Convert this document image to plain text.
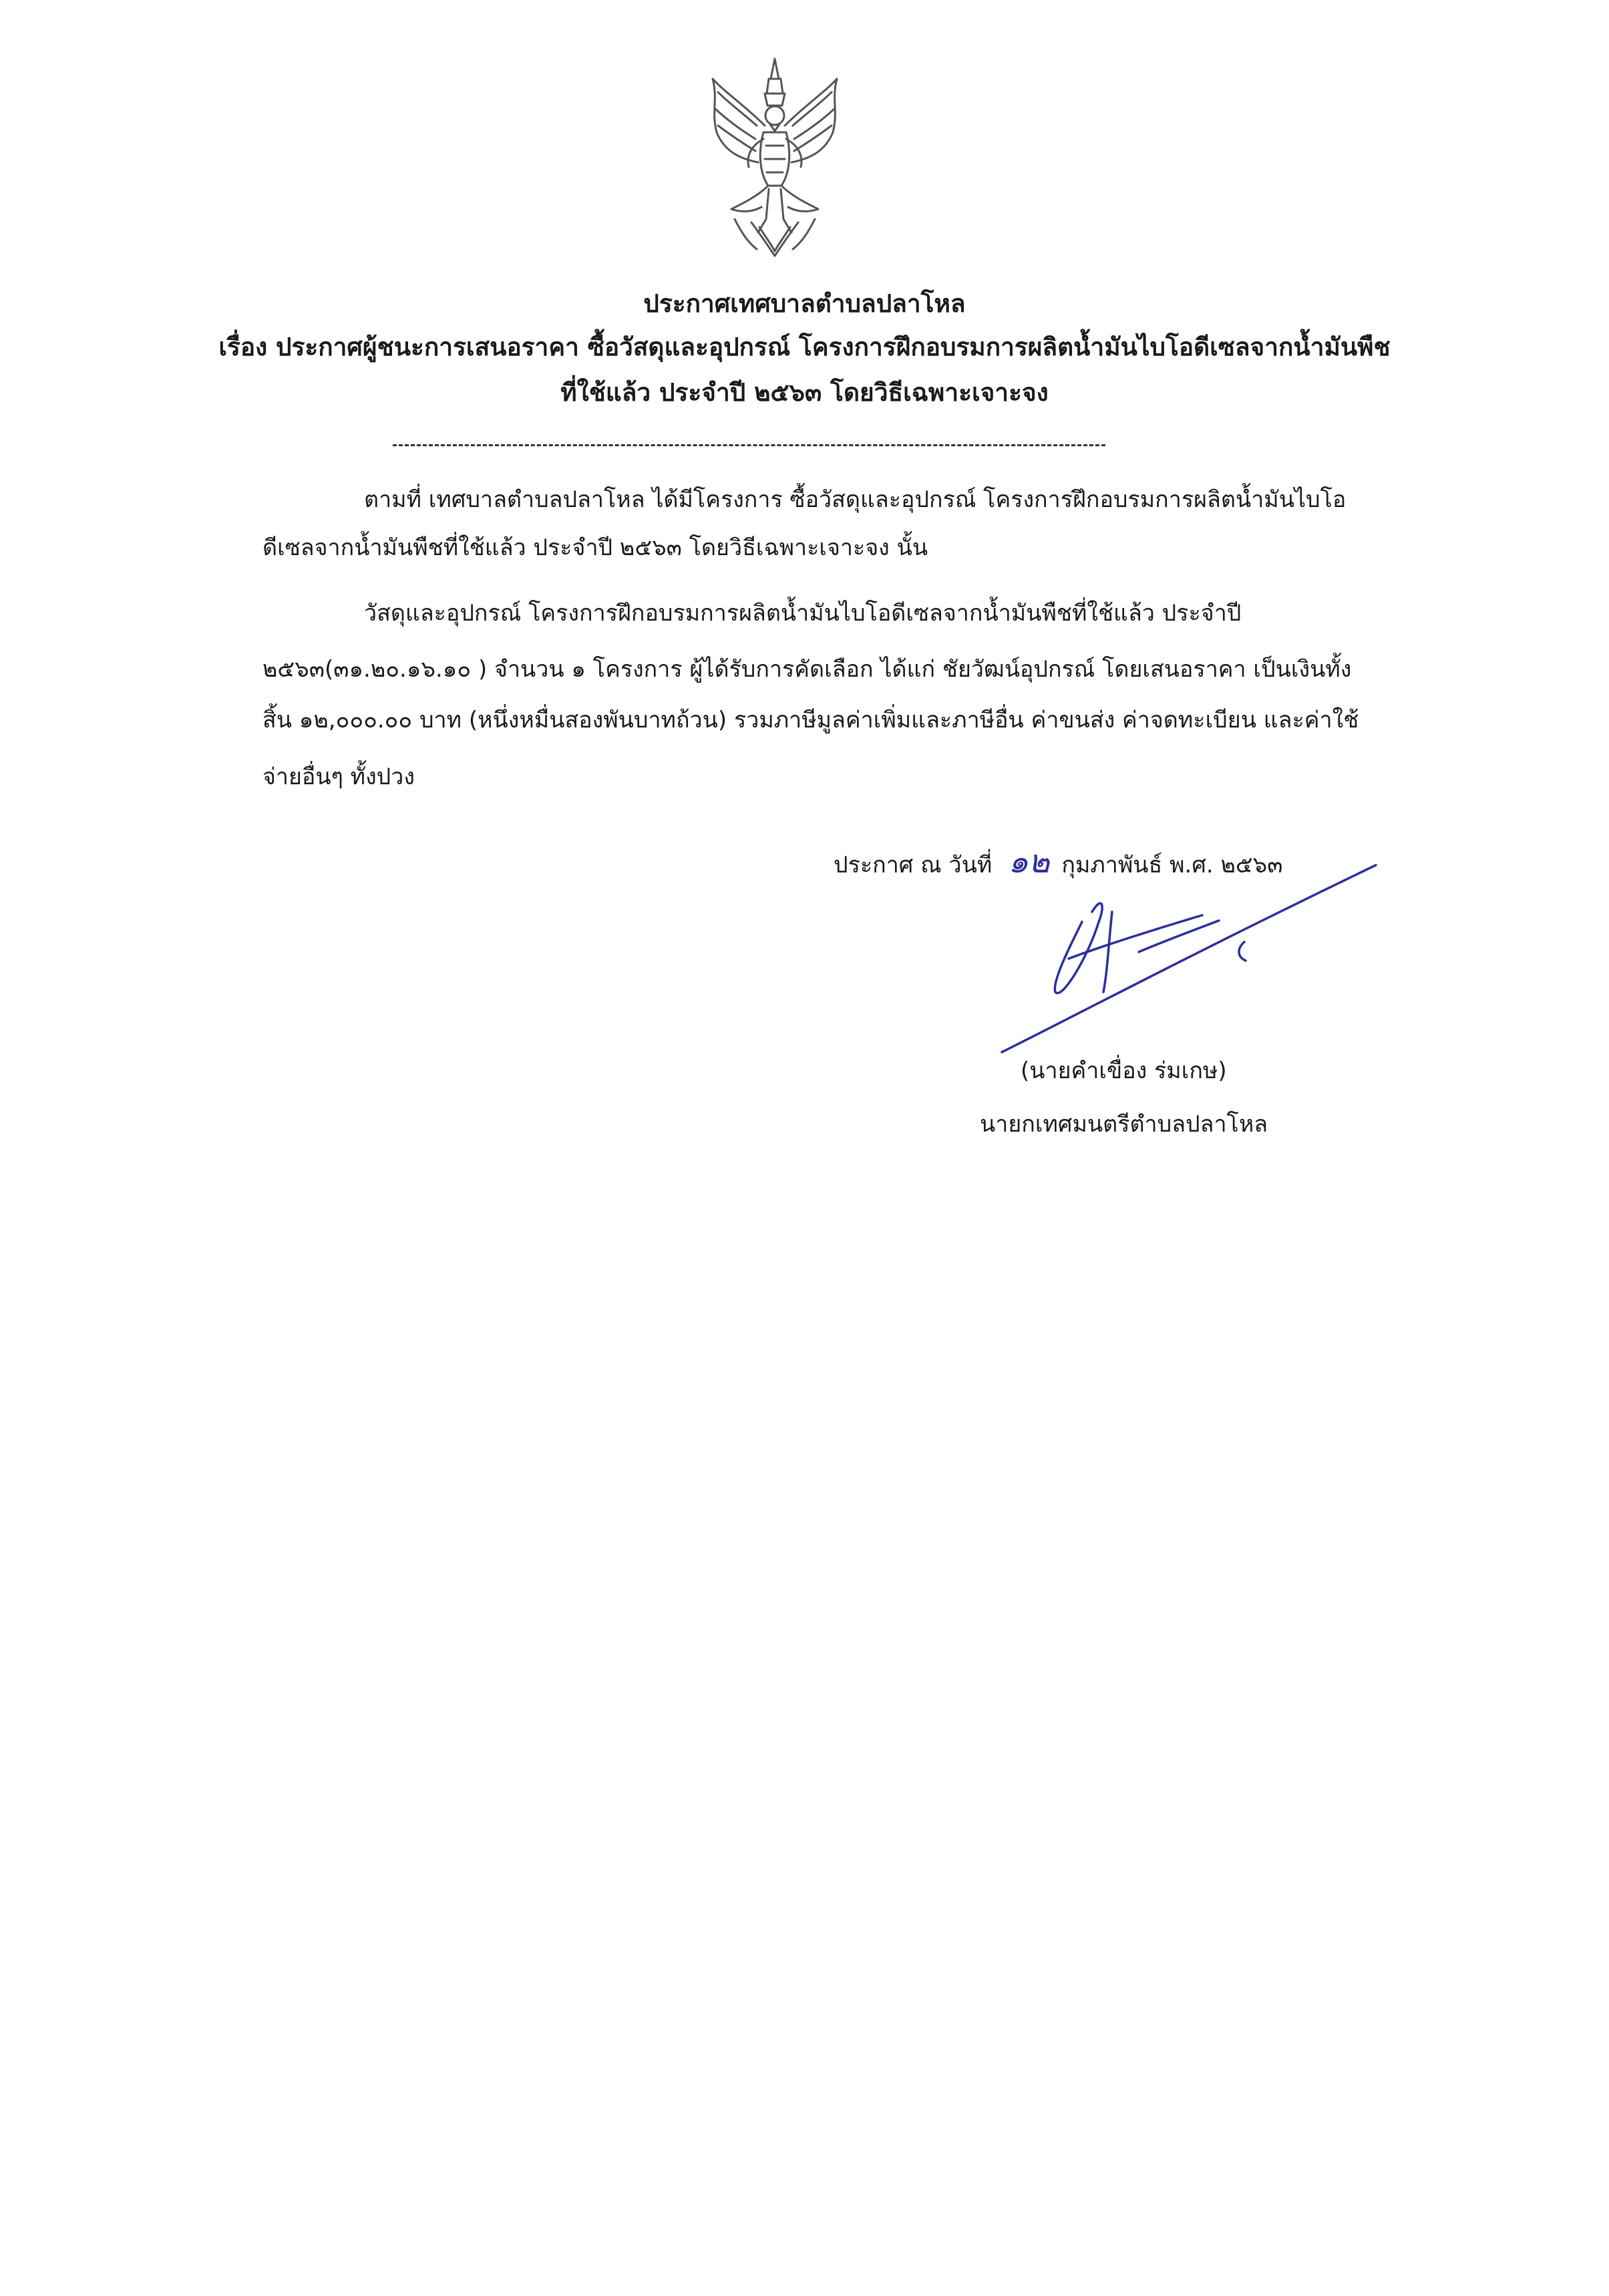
ประกาศเทศบาลตำบลปลาโหล
เรื่อง ประกาศผู้ชนะการเสนอราคา ซื้อวัสดุและอุปกรณ์ โครงการฝึกอบรมการผลิตน้ำมันไบโอดีเซลจากน้ำมันพืช
ที่ใช้แล้ว ประจำปี ๒๕๖๓ โดยวิธีเฉพาะเจาะจง

ตามที่ เทศบาลตำบลปลาโหล ได้มีโครงการ ซื้อวัสดุและอุปกรณ์ โครงการฝึกอบรมการผลิตน้ำมันไบโอ

ดีเซลจากน้ำมันพืชที่ใช้แล้ว ประจำปี ๒๕๖๓ โดยวิธีเฉพาะเจาะจง นั้น

วัสดุและอุปกรณ์ โครงการฝึกอบรมการผลิตน้ำมันไบโอดีเซลจากน้ำมันพืชที่ใช้แล้ว ประจำปี

๒๕๖๓(๓๑.๒๐.๑๖.๑๐ ) จำนวน ๑ โครงการ ผู้ได้รับการคัดเลือก ได้แก่ ชัยวัฒน์อุปกรณ์ โดยเสนอราคา เป็นเงินทั้ง

สิ้น ๑๒,๐๐๐.๐๐ บาท (หนึ่งหมื่นสองพันบาทถ้วน) รวมภาษีมูลค่าเพิ่มและภาษีอื่น ค่าขนส่ง ค่าจดทะเบียน และค่าใช้

จ่ายอื่นๆ ทั้งปวง

ประกาศ ณ วันที่ ๑๒ กุมภาพันธ์ พ.ศ. ๒๕๖๓
(นายคำเขื่อง ร่มเกษ)
นายกเทศมนตรีตำบลปลาโหล
